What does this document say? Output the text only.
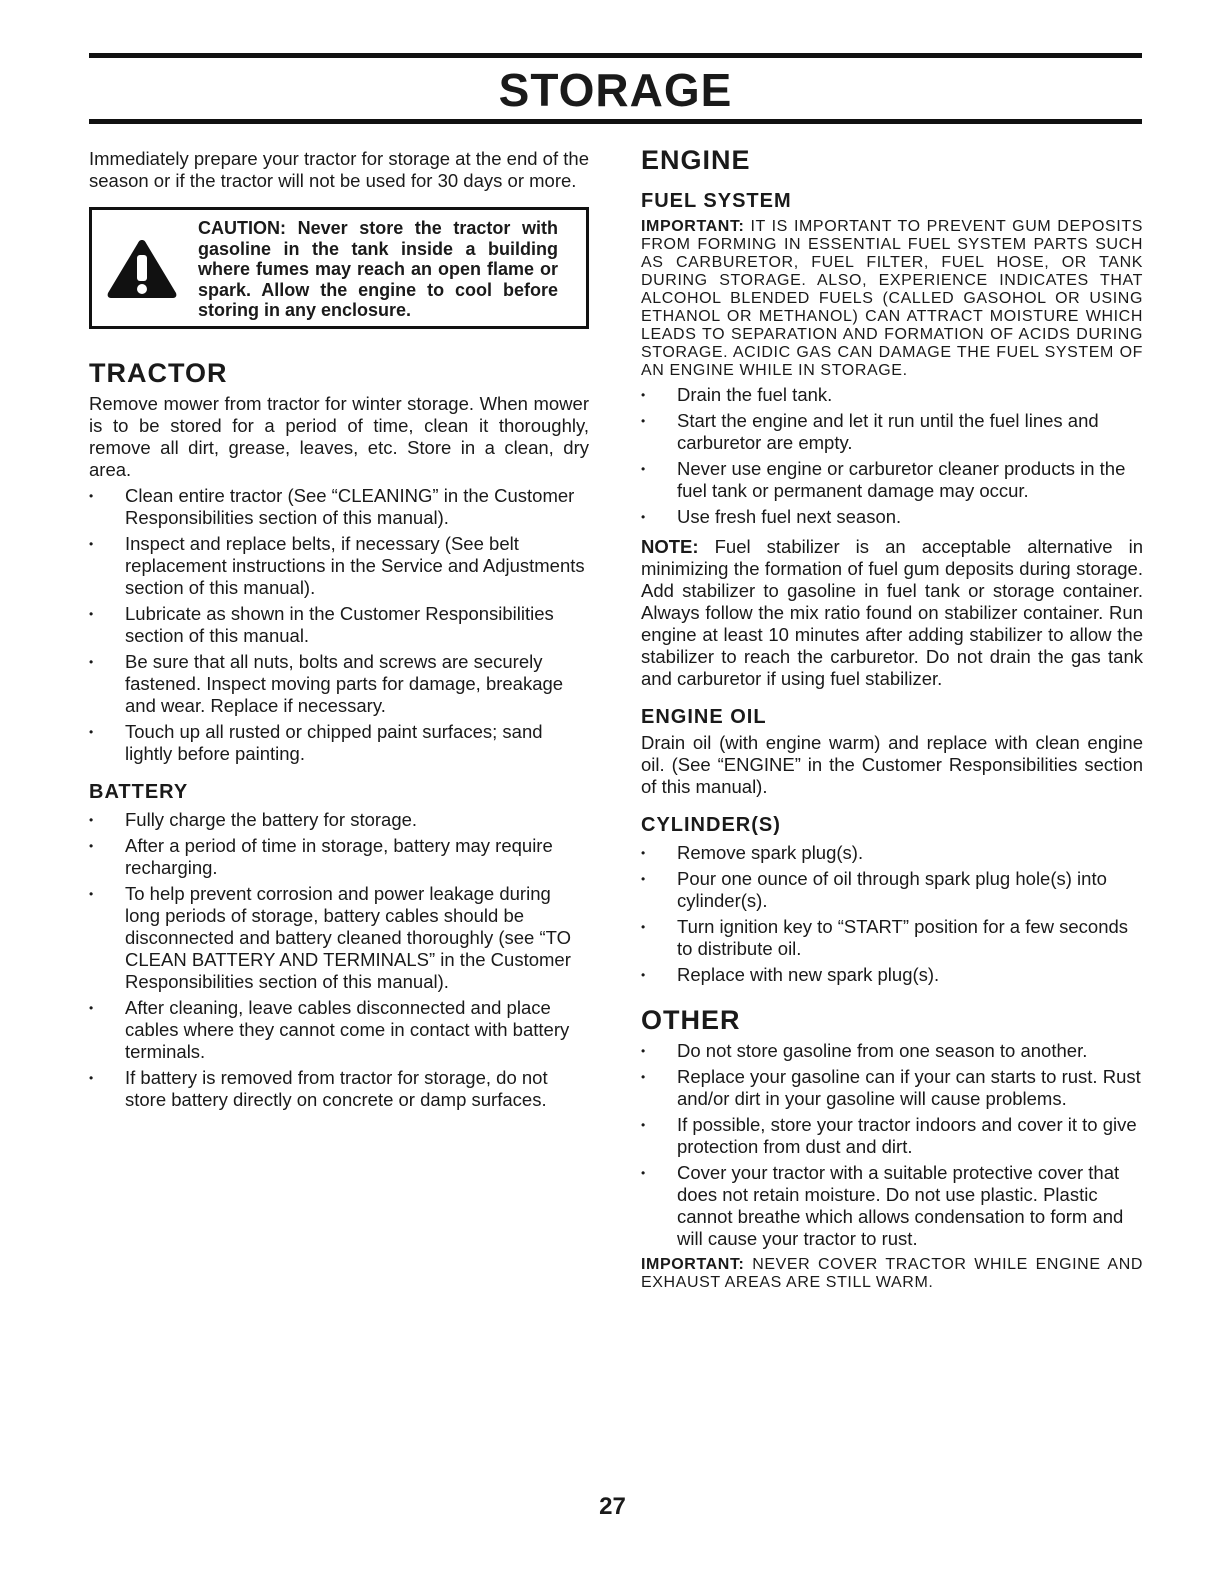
STORAGE

Immediately prepare your tractor for storage at the end of the season or if the tractor will not be used for 30 days or more.

CAUTION: Never store the tractor with gasoline in the tank inside a building where fumes may reach an open flame or spark. Allow the engine to cool before storing in any enclosure.
TRACTOR

Remove mower from tractor for winter storage. When mower is to be stored for a period of time, clean it thoroughly, remove all dirt, grease, leaves, etc. Store in a clean, dry area.

• Clean entire tractor (See “CLEANING” in the Customer Responsibilities section of this manual).
• Inspect and replace belts, if necessary (See belt replacement instructions in the Service and Adjustments section of this manual).
• Lubricate as shown in the Customer Responsibilities section of this manual.
• Be sure that all nuts, bolts and screws are securely fastened. Inspect moving parts for damage, breakage and wear. Replace if necessary.
• Touch up all rusted or chipped paint surfaces; sand lightly before painting.
BATTERY
• Fully charge the battery for storage.
• After a period of time in storage, battery may require recharging.
• To help prevent corrosion and power leakage during long periods of storage, battery cables should be disconnected and battery cleaned thoroughly (see “TO CLEAN BATTERY AND TERMINALS” in the Customer Responsibilities section of this manual).
• After cleaning, leave cables disconnected and place cables where they cannot come in contact with battery terminals.
• If battery is removed from tractor for storage, do not store battery directly on concrete or damp surfaces.
ENGINE
FUEL SYSTEM

IMPORTANT: IT IS IMPORTANT TO PREVENT GUM DEPOSITS FROM FORMING IN ESSENTIAL FUEL SYSTEM PARTS SUCH AS CARBURETOR, FUEL FILTER, FUEL HOSE, OR TANK DURING STORAGE. ALSO, EXPERIENCE INDICATES THAT ALCOHOL BLENDED FUELS (CALLED GASOHOL OR USING ETHANOL OR METHANOL) CAN ATTRACT MOISTURE WHICH LEADS TO SEPARATION AND FORMATION OF ACIDS DURING STORAGE. ACIDIC GAS CAN DAMAGE THE FUEL SYSTEM OF AN ENGINE WHILE IN STORAGE.

• Drain the fuel tank.
• Start the engine and let it run until the fuel lines and carburetor are empty.
• Never use engine or carburetor cleaner products in the fuel tank or permanent damage may occur.
• Use fresh fuel next season.

NOTE: Fuel stabilizer is an acceptable alternative in minimizing the formation of fuel gum deposits during storage. Add stabilizer to gasoline in fuel tank or storage container. Always follow the mix ratio found on stabilizer container. Run engine at least 10 minutes after adding stabilizer to allow the stabilizer to reach the carburetor. Do not drain the gas tank and carburetor if using fuel stabilizer.

ENGINE OIL

Drain oil (with engine warm) and replace with clean engine oil. (See “ENGINE” in the Customer Responsibilities section of this manual).

CYLINDER(S)
• Remove spark plug(s).
• Pour one ounce of oil through spark plug hole(s) into cylinder(s).
• Turn ignition key to “START” position for a few seconds to distribute oil.
• Replace with new spark plug(s).
OTHER
• Do not store gasoline from one season to another.
• Replace your gasoline can if your can starts to rust. Rust and/or dirt in your gasoline will cause problems.
• If possible, store your tractor indoors and cover it to give protection from dust and dirt.
• Cover your tractor with a suitable protective cover that does not retain moisture. Do not use plastic. Plastic cannot breathe which allows condensation to form and will cause your tractor to rust.

IMPORTANT: NEVER COVER TRACTOR WHILE ENGINE AND EXHAUST AREAS ARE STILL WARM.

27
